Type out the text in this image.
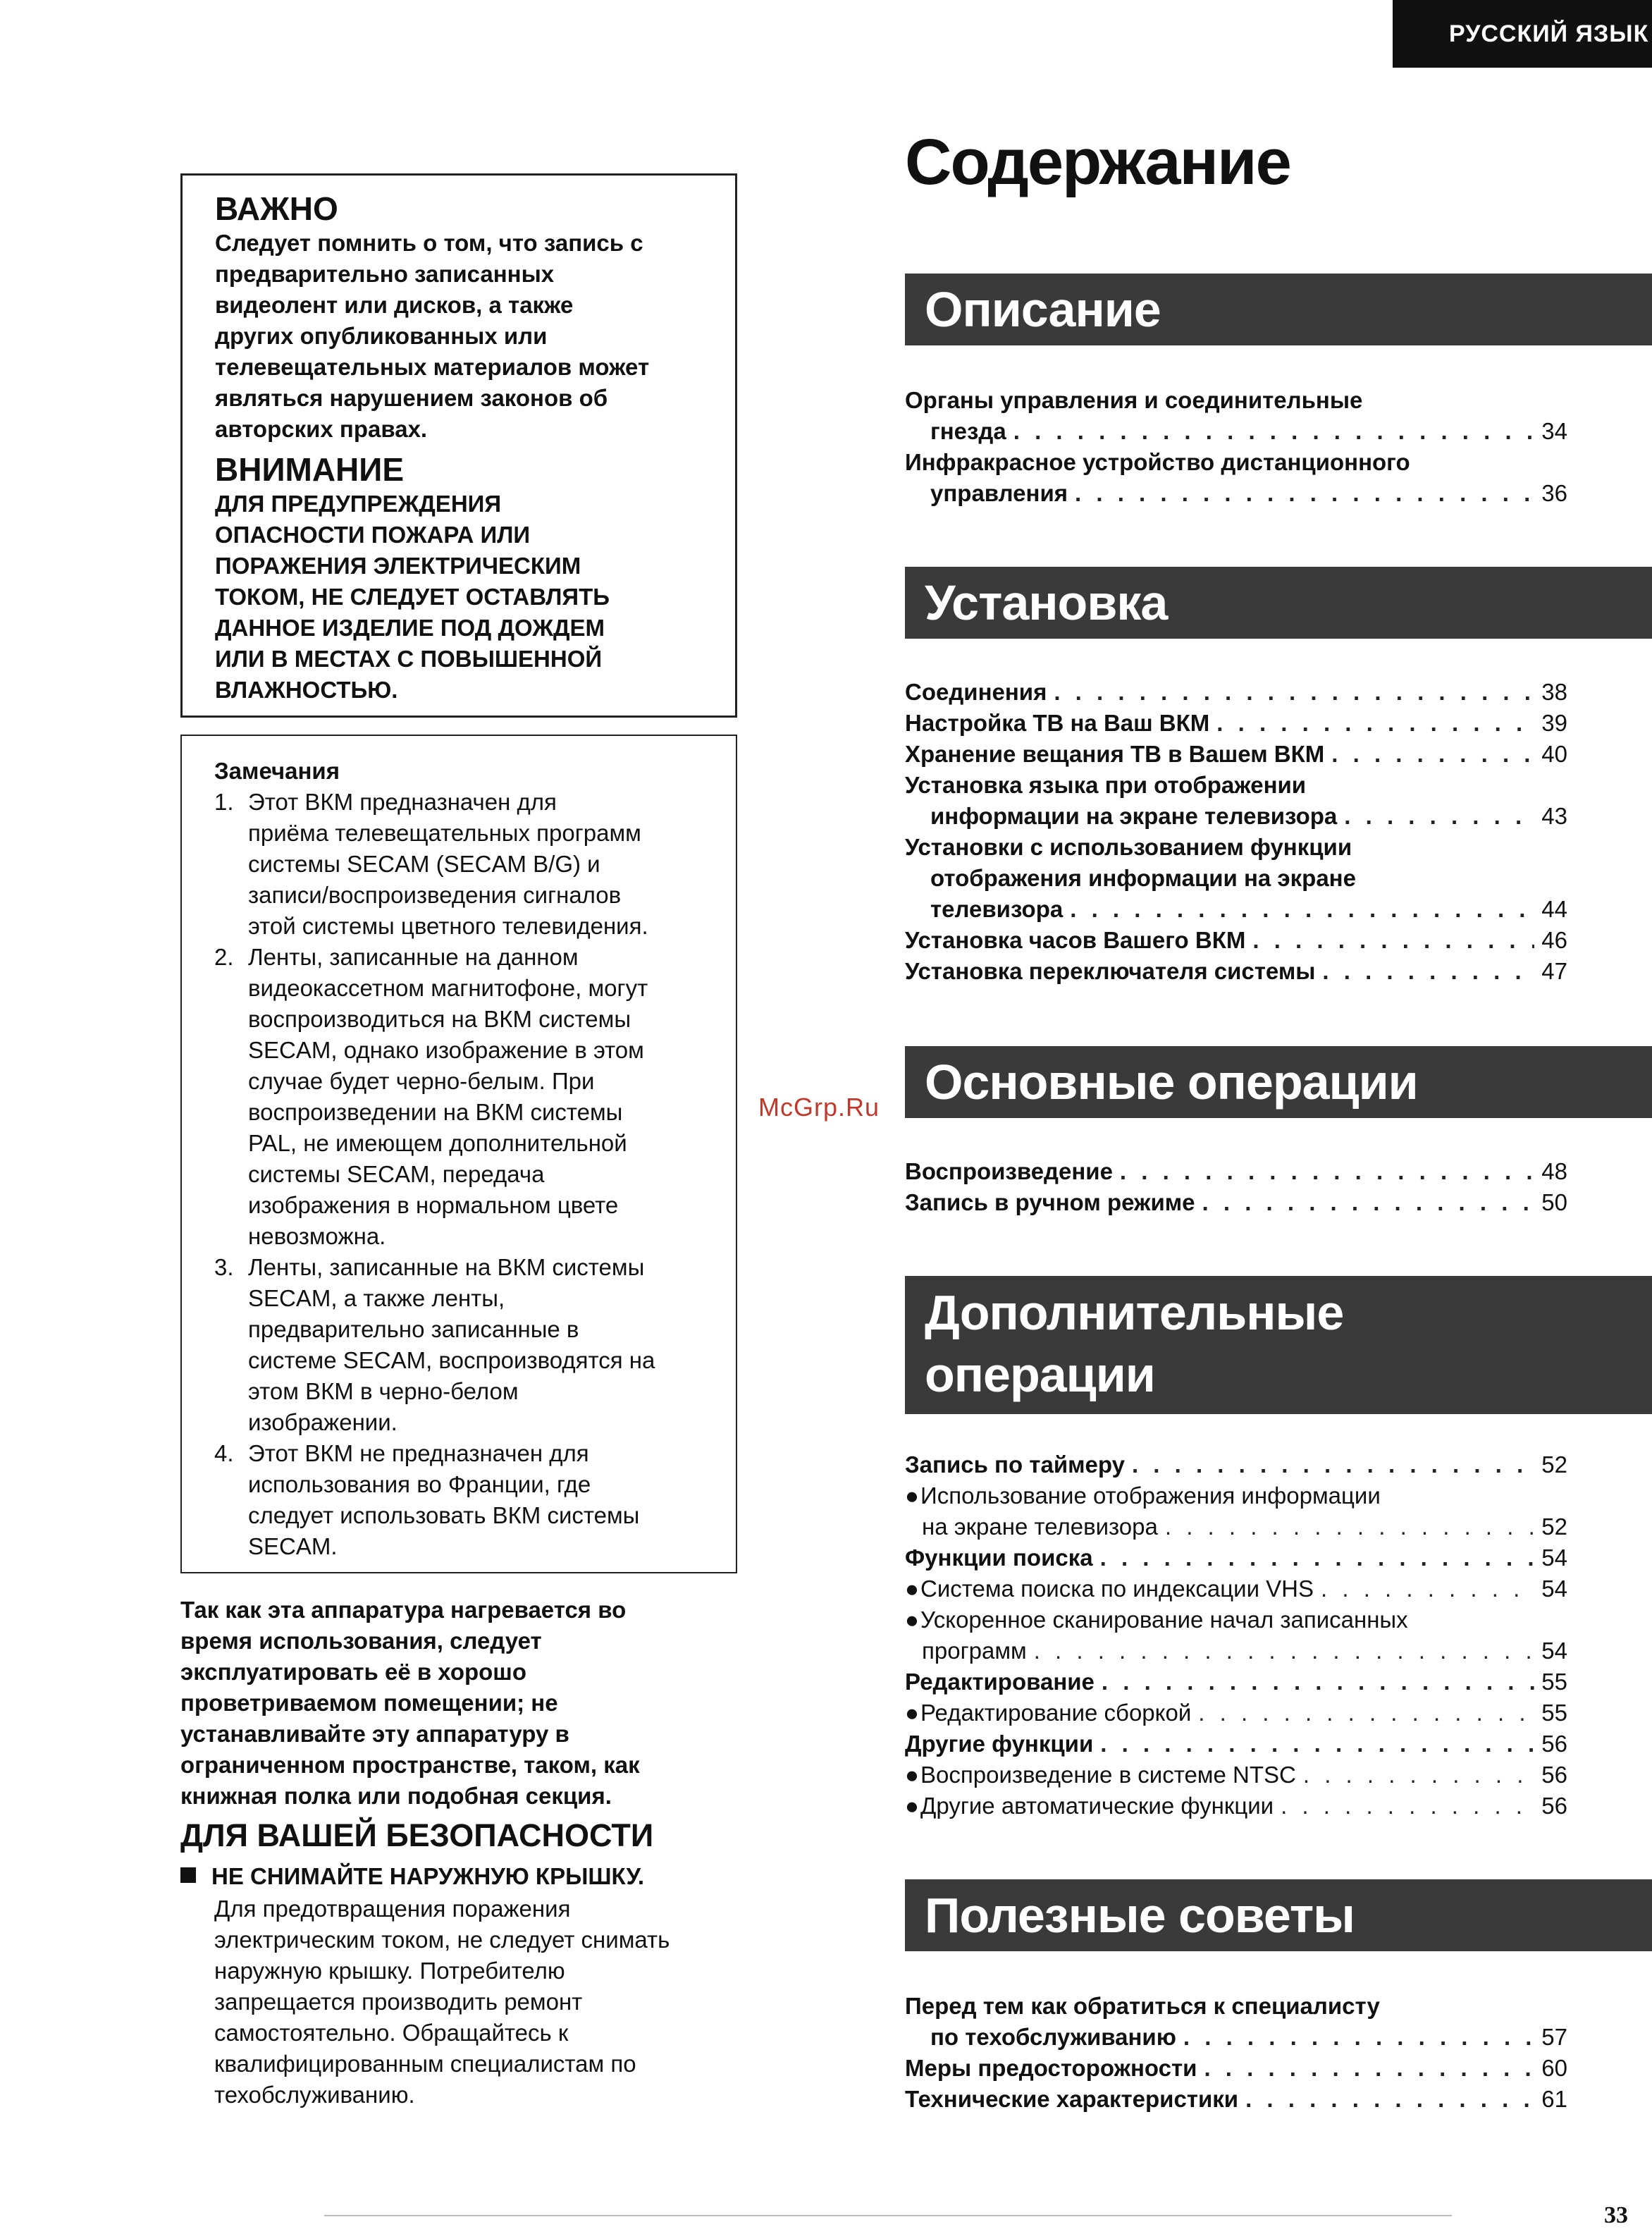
РУССКИЙ ЯЗЫК
Содержание
ВАЖНО
Следует помнить о том, что запись с
предварительно записанных
видеолент или дисков, а также
других опубликованных или
телевещательных материалов может
являться нарушением законов об
авторских правах.
ВНИМАНИЕ
ДЛЯ ПРЕДУПРЕЖДЕНИЯ
ОПАСНОСТИ ПОЖАРА ИЛИ
ПОРАЖЕНИЯ ЭЛЕКТРИЧЕСКИМ
ТОКОМ, НЕ СЛЕДУЕТ ОСТАВЛЯТЬ
ДАННОЕ ИЗДЕЛИЕ ПОД ДОЖДЕМ
ИЛИ В МЕСТАХ С ПОВЫШЕННОЙ
ВЛАЖНОСТЬЮ.

Замечания

1. Этот ВКМ предназначен для
приёма телевещательных программ
системы SECAM (SECAM B/G) и
записи/воспроизведения сигналов
этой системы цветного телевидения.
2. Ленты, записанные на данном
видеокассетном магнитофоне, могут
воспроизводиться на ВКМ системы
SECAM, однако изображение в этом
случае будет черно-белым. При
воспроизведении на ВКМ системы
PAL, не имеющем дополнительной
системы SECAM, передача
изображения в нормальном цвете
невозможна.
3. Ленты, записанные на ВКМ системы
SECAM, а также ленты,
предварительно записанные в
системе SECAM, воспроизводятся на
этом ВКМ в черно-белом
изображении.
4. Этот ВКМ не предназначен для
использования во Франции, где
следует использовать ВКМ системы
SECAM.
Так как эта аппаратура нагревается во
время использования, следует
эксплуатировать её в хорошо
проветриваемом помещении; не
устанавливайте эту аппаратуру в
ограниченном пространстве, таком, как
книжная полка или подобная секция.
ДЛЯ ВАШЕЙ БЕЗОПАСНОСТИ
НЕ СНИМАЙТЕ НАРУЖНУЮ КРЫШКУ.
Для предотвращения поражения
электрическим током, не следует снимать
наружную крышку. Потребителю
запрещается производить ремонт
самостоятельно. Обращайтесь к
квалифицированным специалистам по
техобслуживанию.
McGrp.Ru
Описание
Органы управления и соединительные
гнезда . . .	34
Инфракрасное устройство дистанционного
управления . . .	36
Установка
Соединения . . .	38
Настройка ТВ на Ваш ВКМ . . .	39
Хранение вещания ТВ в Вашем ВКМ . . .	40
Установка языка при отображении
информации на экране телевизора . . .	43
Установки с использованием функции
отображения информации на экране
телевизора . . .	44
Установка часов Вашего ВКМ . . .	46
Установка переключателя системы . . .	47
Основные операции
Воспроизведение . . .	48
Запись в ручном режиме . . .	50
Дополнительные
операции
Запись по таймеру . . .	52
● Использование отображения информации
на экране телевизора . . .	52
Функции поиска . . .	54
● Система поиска по индексации VHS . . .	54
● Ускоренное сканирование начал записанных
программ . . .	54
Редактирование . . .	55
● Редактирование сборкой . . .	55
Другие функции . . .	56
● Воспроизведение в системе NTSC . . .	56
● Другие автоматические функции . . .	56
Полезные советы
Перед тем как обратиться к специалисту
по техобслуживанию . . .	57
Меры предосторожности . . .	60
Технические характеристики . . .	61
33
